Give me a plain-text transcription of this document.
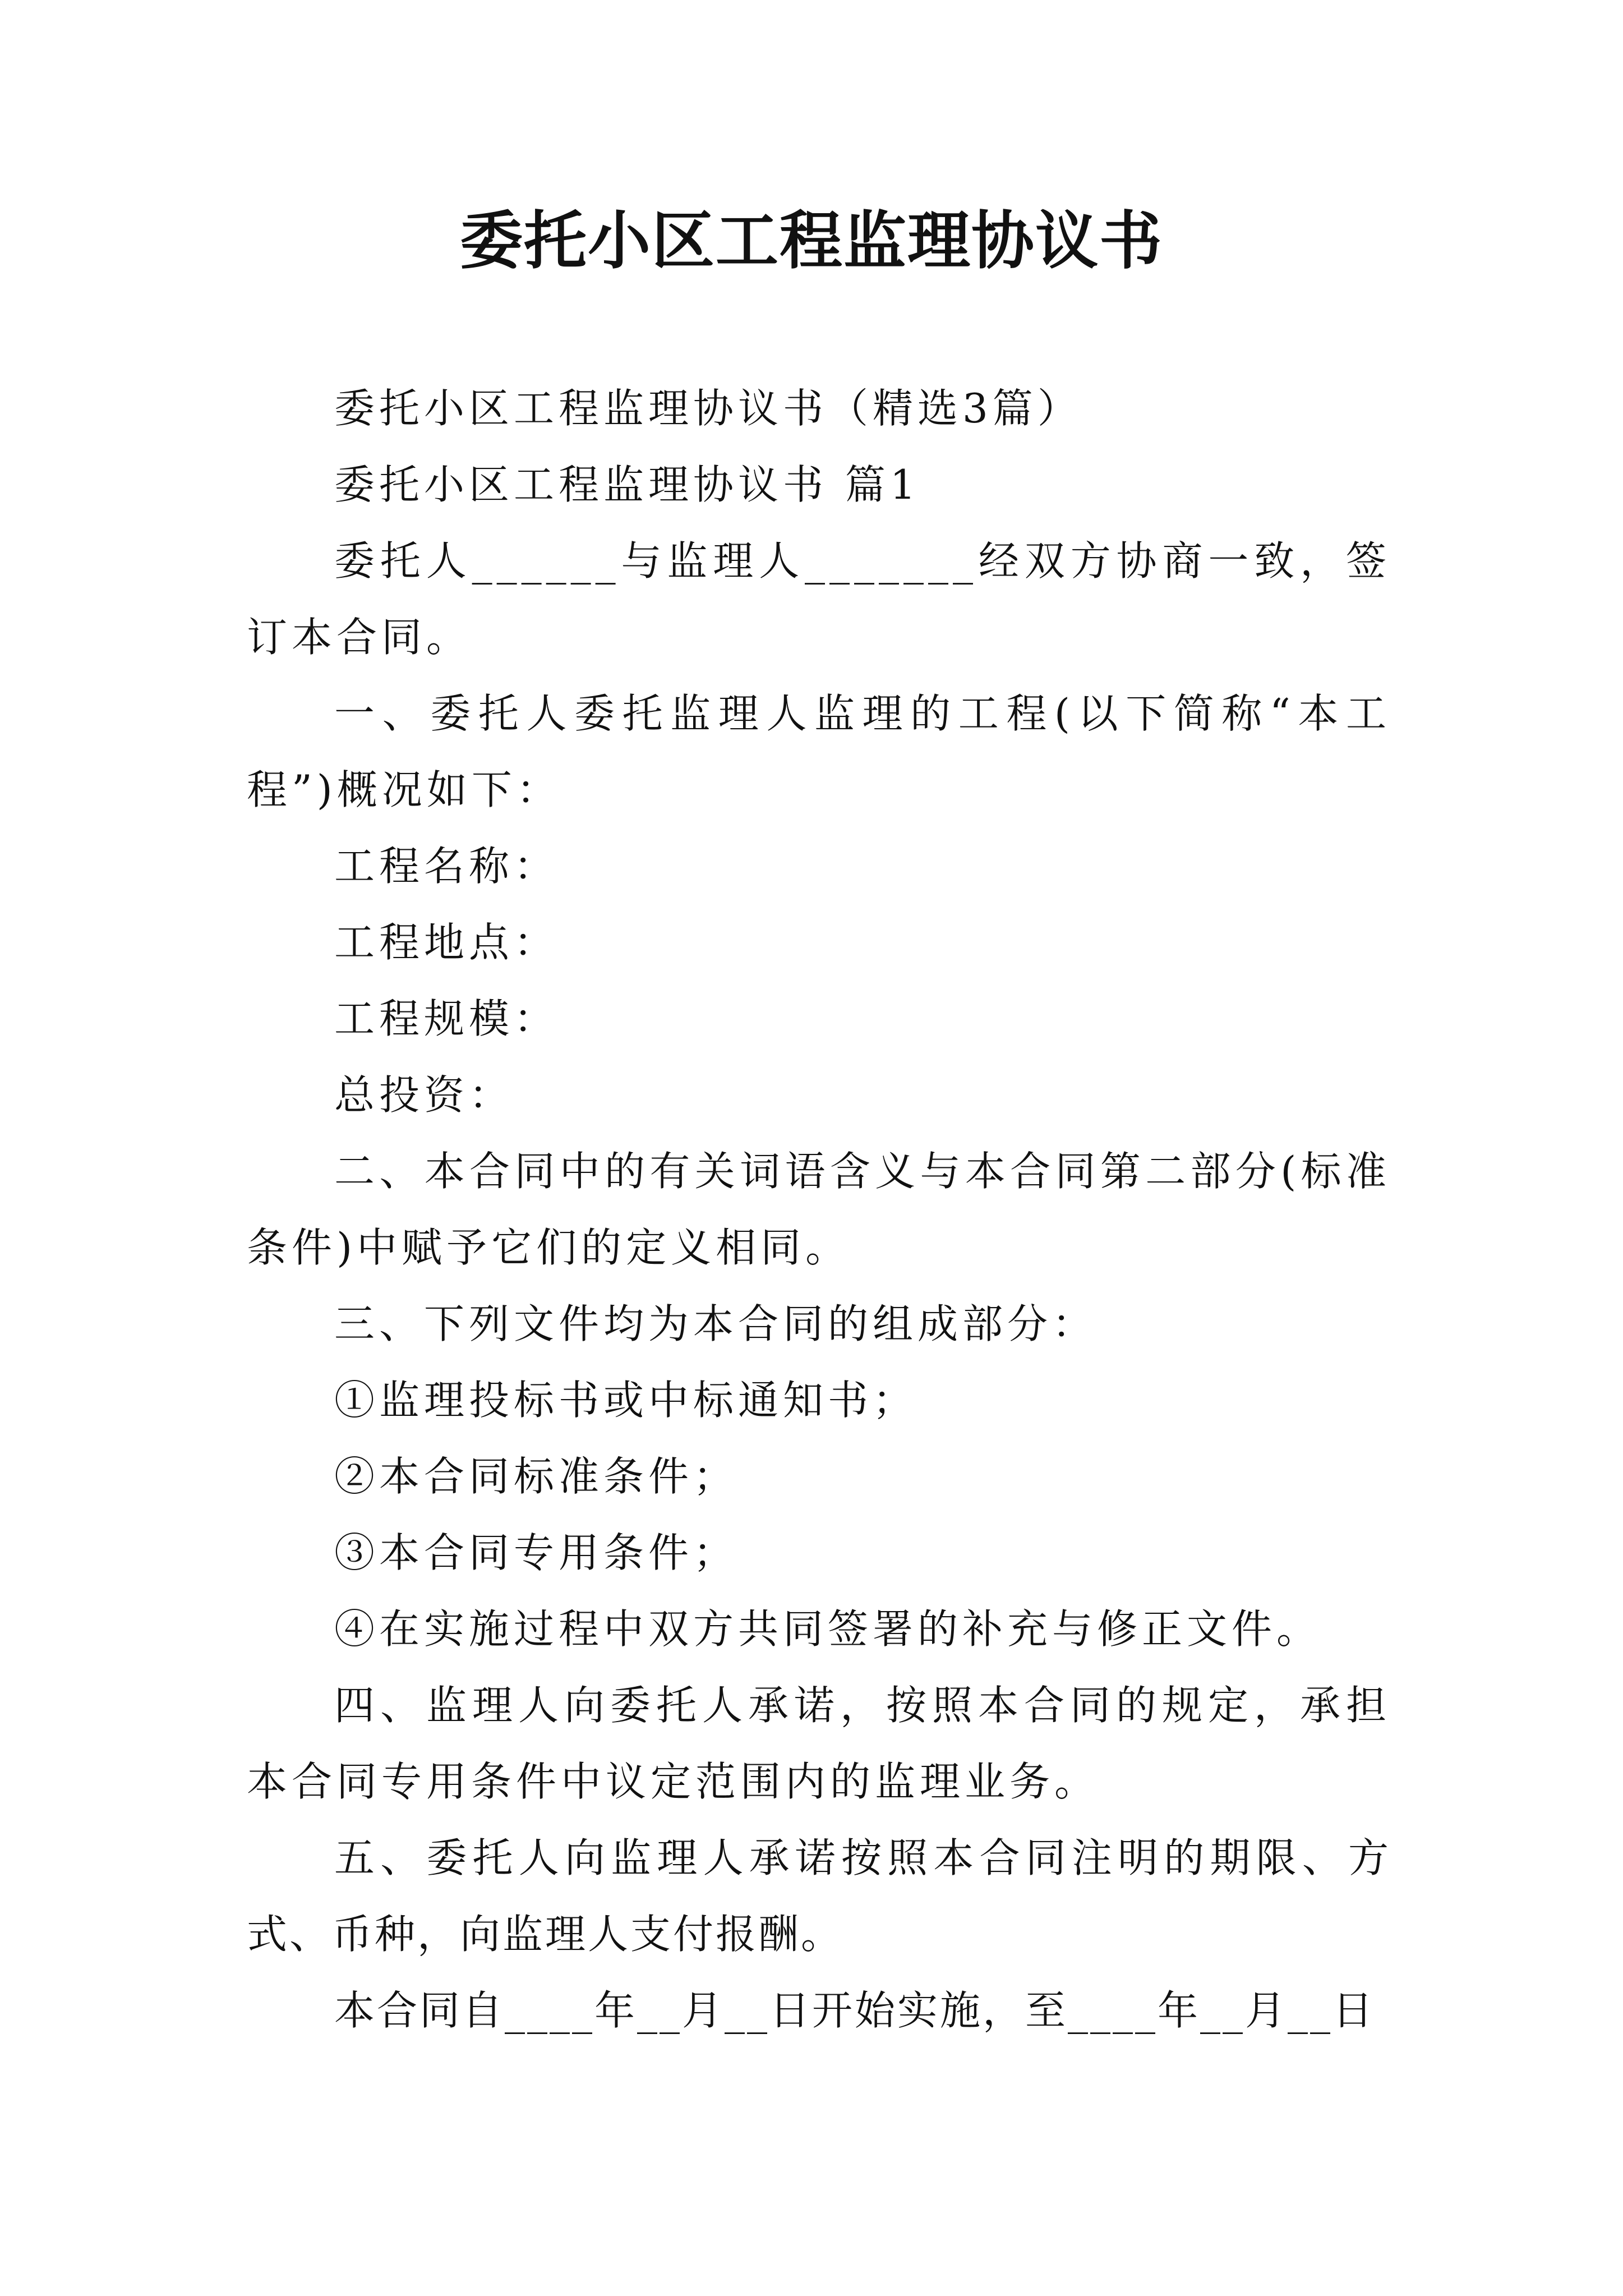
委托小区工程监理协议书

委托小区工程监理协议书（精选3篇）

委托小区工程监理协议书 篇1

委托人______与监理人_______经双方协商一致，签订本合同。

一、委托人委托监理人监理的工程(以下简称“本工程”)概况如下：

工程名称：

工程地点：

工程规模：

总投资：

二、本合同中的有关词语含义与本合同第二部分(标准条件)中赋予它们的定义相同。

三、下列文件均为本合同的组成部分：

①监理投标书或中标通知书；

②本合同标准条件；

③本合同专用条件；

④在实施过程中双方共同签署的补充与修正文件。

四、监理人向委托人承诺，按照本合同的规定，承担本合同专用条件中议定范围内的监理业务。

五、委托人向监理人承诺按照本合同注明的期限、方式、币种，向监理人支付报酬。

本合同自____年__月__日开始实施，至____年__月__日
